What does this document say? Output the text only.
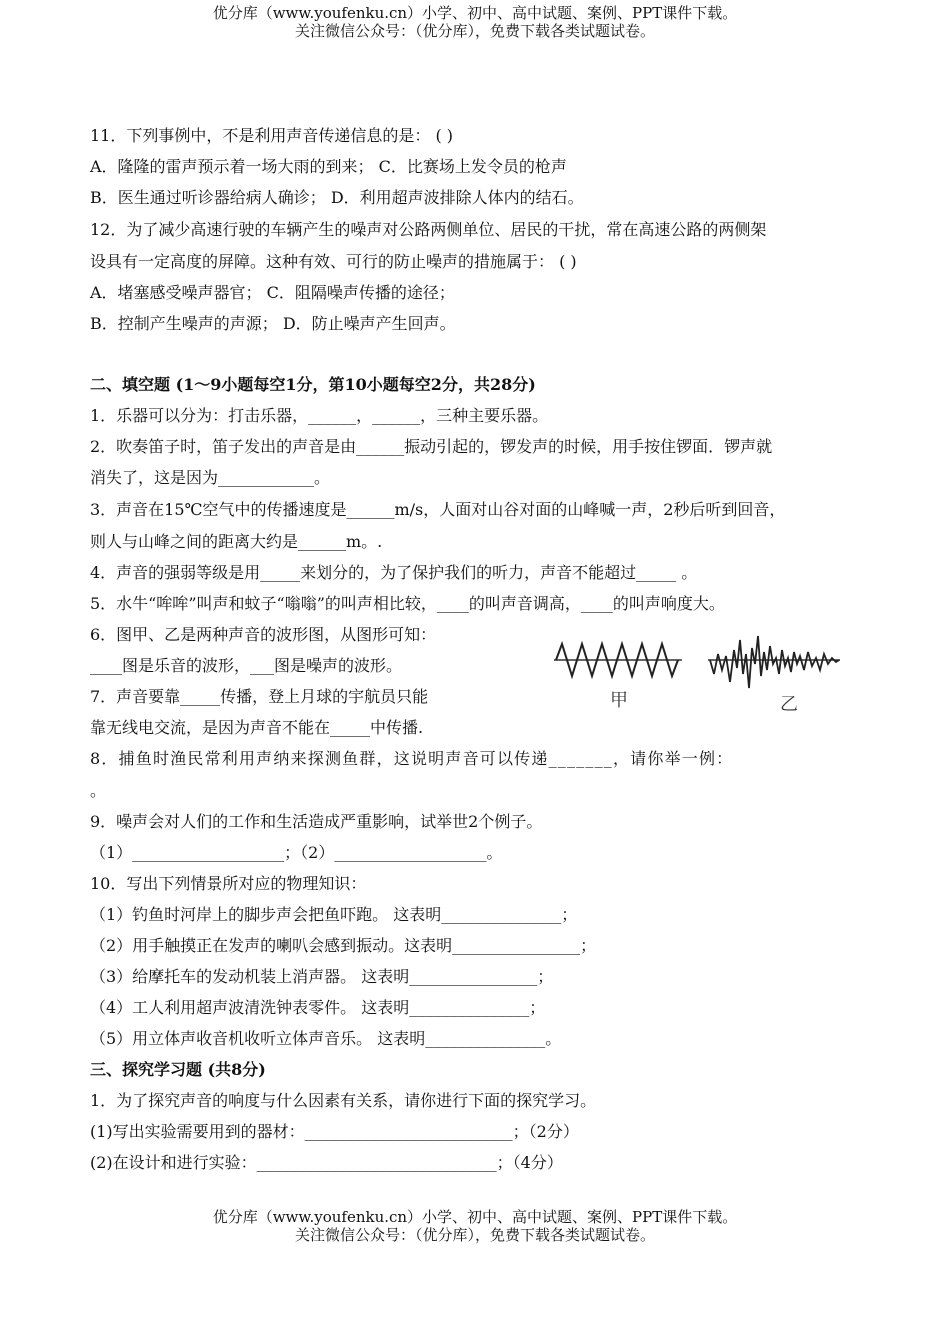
优分库（www.youfenku.cn）小学、初中、高中试题、案例、PPT课件下载。
关注微信公众号：（优分库），免费下载各类试题试卷。
11．下列事例中，不是利用声音传递信息的是： ( )
A．隆隆的雷声预示着一场大雨的到来； C．比赛场上发令员的枪声
B．医生通过听诊器给病人确诊； D．利用超声波排除人体内的结石。
12．为了减少高速行驶的车辆产生的噪声对公路两侧单位、居民的干扰，常在高速公路的两侧架
设具有一定高度的屏障。这种有效、可行的防止噪声的措施属于： ( )
A．堵塞感受噪声器官； C．阻隔噪声传播的途径；
B．控制产生噪声的声源； D．防止噪声产生回声。
二、填空题 (1～9小题每空1分，第10小题每空2分，共28分)
1．乐器可以分为：打击乐器，______，______，三种主要乐器。
2．吹奏笛子时，笛子发出的声音是由______振动引起的，锣发声的时候，用手按住锣面．锣声就
消失了，这是因为____________。
3．声音在15℃空气中的传播速度是______m/s，人面对山谷对面的山峰喊一声，2秒后听到回音，
则人与山峰之间的距离大约是______m。.
4．声音的强弱等级是用_____来划分的，为了保护我们的听力，声音不能超过_____ 。
5．水牛“哞哞”叫声和蚊子“嗡嗡”的叫声相比较，____的叫声音调高，____的叫声响度大。
6．图甲、乙是两种声音的波形图，从图形可知：
____图是乐音的波形，___图是噪声的波形。
7．声音要靠_____传播，登上月球的宇航员只能
靠无线电交流，是因为声音不能在_____中传播.
8．捕鱼时渔民常利用声纳来探测鱼群，这说明声音可以传递_______，请你举一例：
。
9．噪声会对人们的工作和生活造成严重影响，试举世2个例子。
（1）___________________；（2）___________________。
10．写出下列情景所对应的物理知识：
（1）钓鱼时河岸上的脚步声会把鱼吓跑。 这表明_______________；
（2）用手触摸正在发声的喇叭会感到振动。这表明________________；
（3）给摩托车的发动机装上消声器。 这表明________________；
（4）工人利用超声波清洗钟表零件。 这表明_______________；
（5）用立体声收音机收听立体声音乐。 这表明_______________。
三、探究学习题 (共8分)
1．为了探究声音的响度与什么因素有关系，请你进行下面的探究学习。
(1)写出实验需要用到的器材：__________________________；（2分）
(2)在设计和进行实验：______________________________；（4分）
甲	乙
优分库（www.youfenku.cn）小学、初中、高中试题、案例、PPT课件下载。
关注微信公众号：（优分库），免费下载各类试题试卷。
